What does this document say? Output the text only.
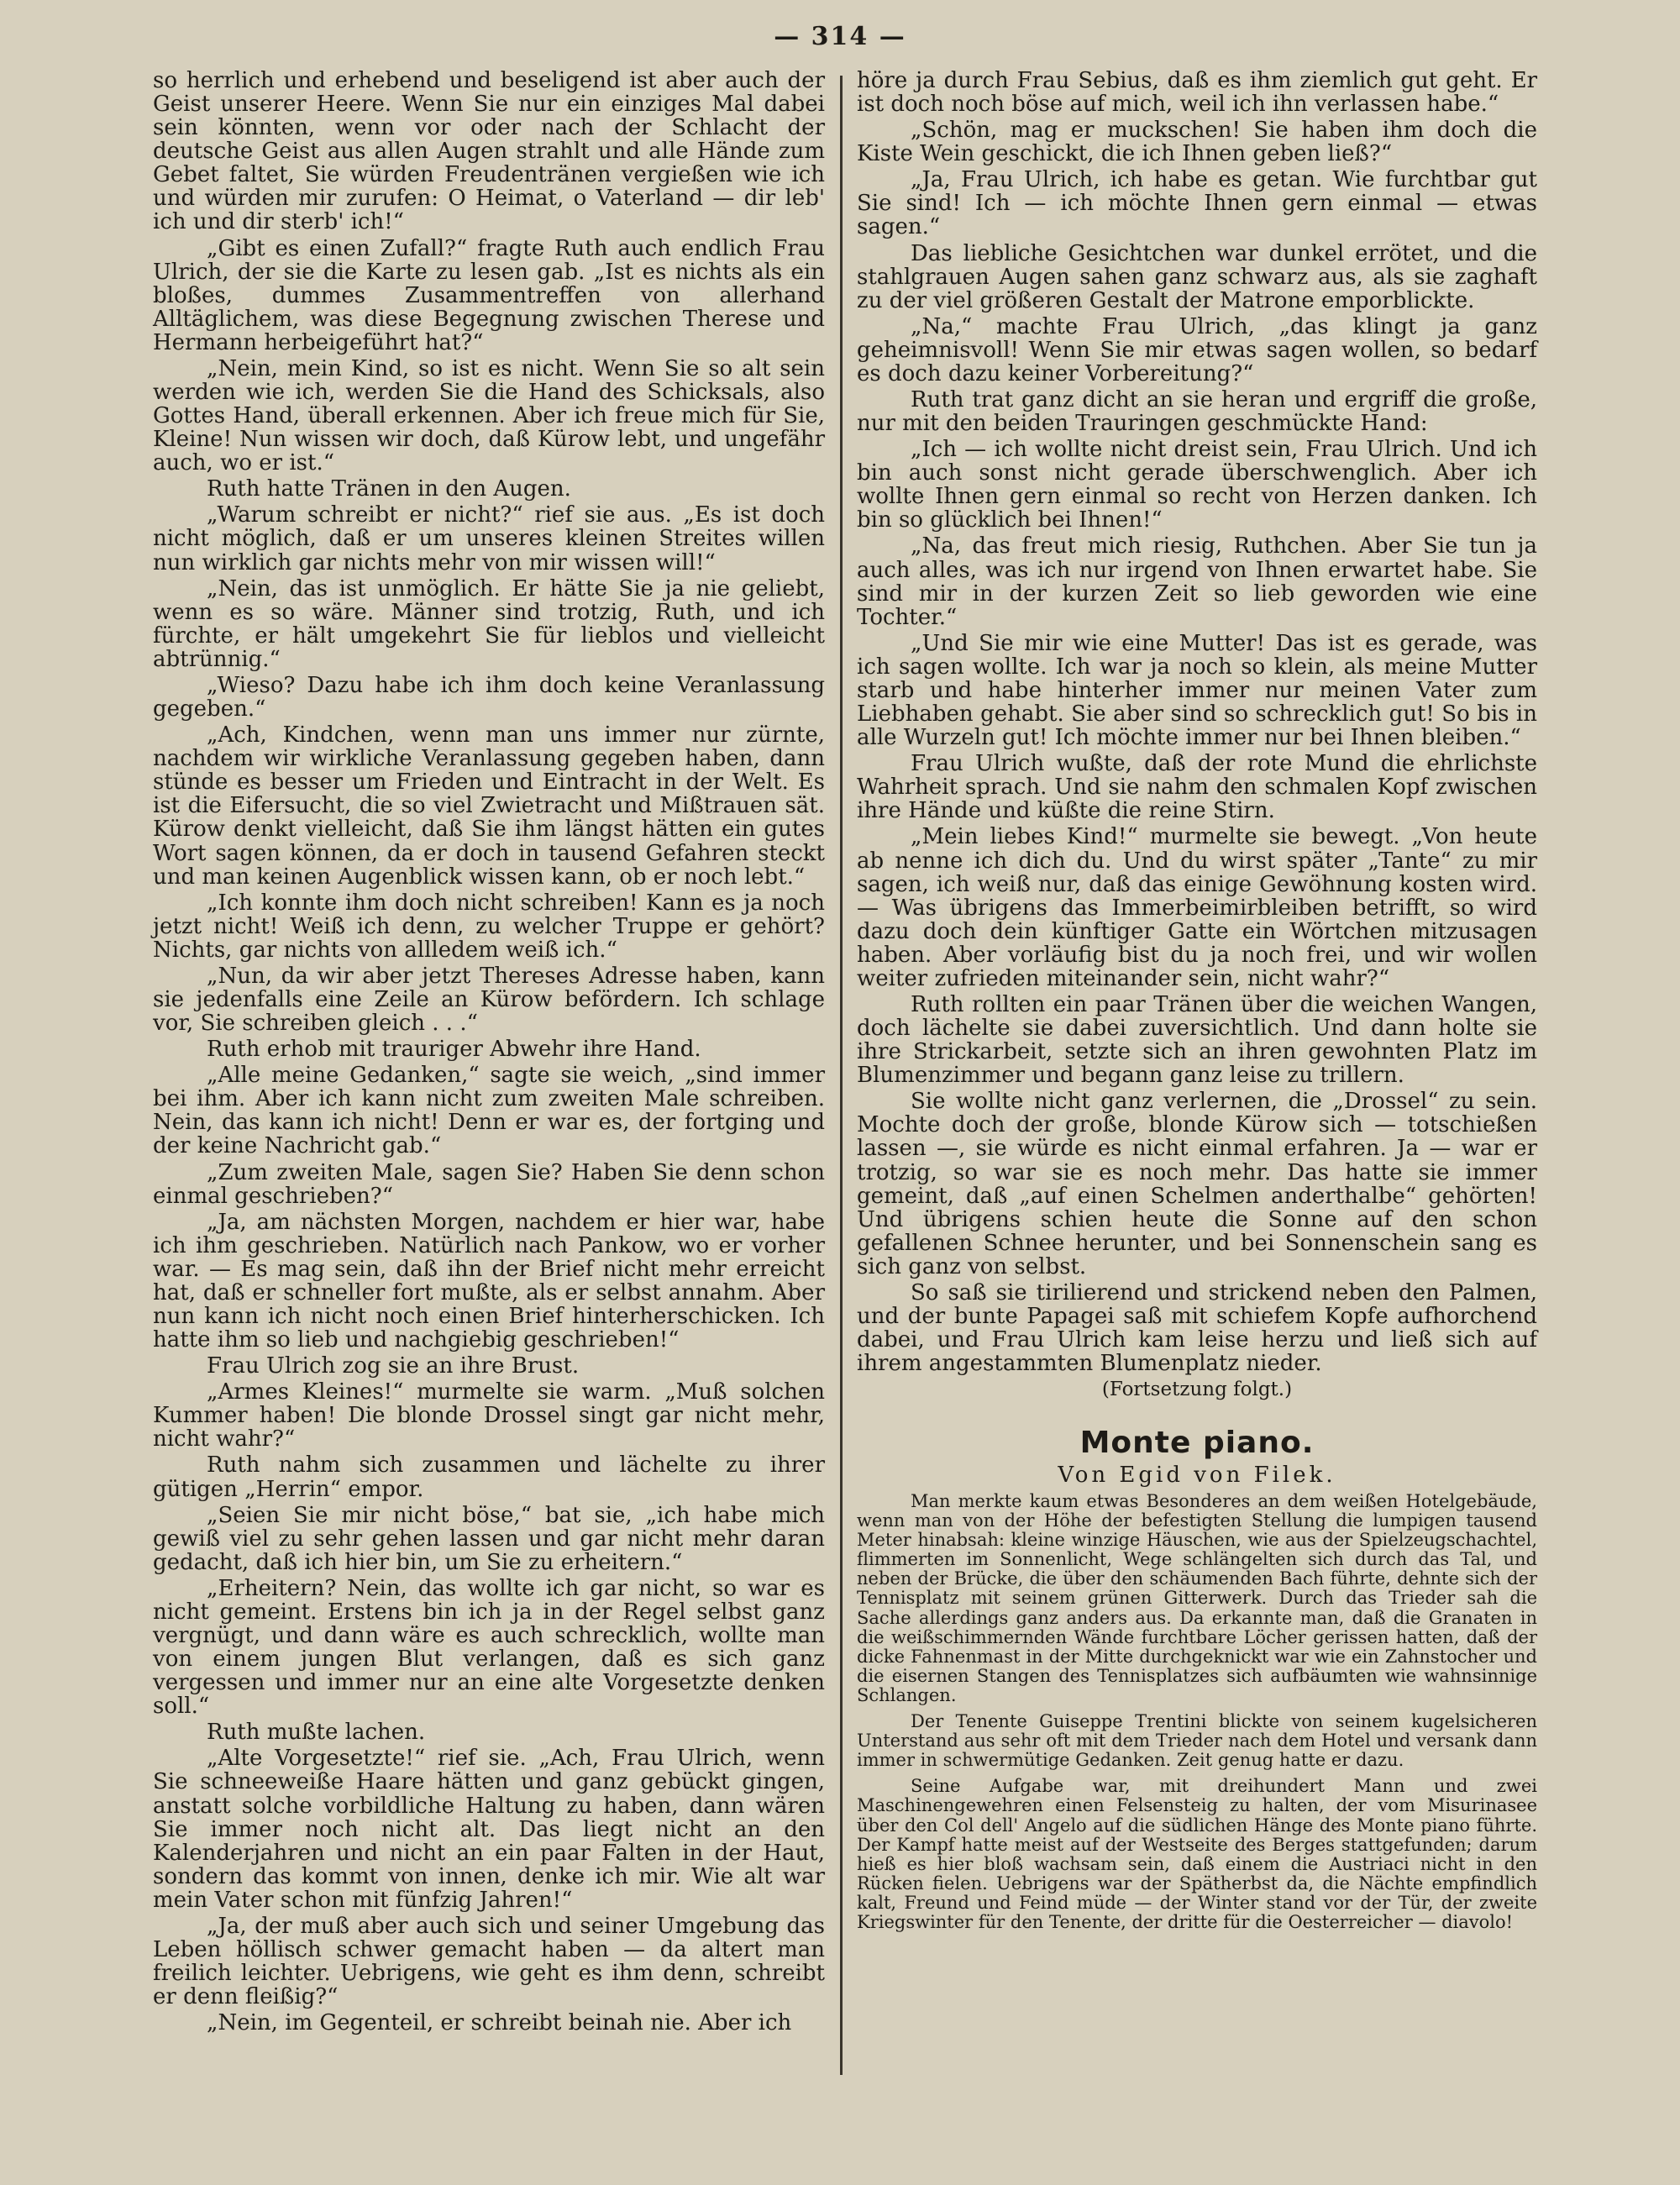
— 314 —

so herrlich und erhebend und beseligend ist aber auch der Geist unserer Heere. Wenn Sie nur ein einziges Mal dabei sein könnten, wenn vor oder nach der Schlacht der deutsche Geist aus allen Augen strahlt und alle Hände zum Gebet faltet, Sie würden Freudentränen vergießen wie ich und würden mir zurufen: O Heimat, o Vaterland — dir leb' ich und dir sterb' ich!“

„Gibt es einen Zufall?“ fragte Ruth auch endlich Frau Ulrich, der sie die Karte zu lesen gab. „Ist es nichts als ein bloßes, dummes Zusammentreffen von allerhand Alltäglichem, was diese Begegnung zwischen Therese und Hermann herbeigeführt hat?“

„Nein, mein Kind, so ist es nicht. Wenn Sie so alt sein werden wie ich, werden Sie die Hand des Schicksals, also Gottes Hand, überall erkennen. Aber ich freue mich für Sie, Kleine! Nun wissen wir doch, daß Kürow lebt, und ungefähr auch, wo er ist.“

Ruth hatte Tränen in den Augen.

„Warum schreibt er nicht?“ rief sie aus. „Es ist doch nicht möglich, daß er um unseres kleinen Streites willen nun wirklich gar nichts mehr von mir wissen will!“

„Nein, das ist unmöglich. Er hätte Sie ja nie geliebt, wenn es so wäre. Männer sind trotzig, Ruth, und ich fürchte, er hält umgekehrt Sie für lieblos und vielleicht abtrünnig.“

„Wieso? Dazu habe ich ihm doch keine Veranlassung gegeben.“

„Ach, Kindchen, wenn man uns immer nur zürnte, nachdem wir wirkliche Veranlassung gegeben haben, dann stünde es besser um Frieden und Eintracht in der Welt. Es ist die Eifersucht, die so viel Zwietracht und Mißtrauen sät. Kürow denkt vielleicht, daß Sie ihm längst hätten ein gutes Wort sagen können, da er doch in tausend Gefahren steckt und man keinen Augenblick wissen kann, ob er noch lebt.“

„Ich konnte ihm doch nicht schreiben! Kann es ja noch jetzt nicht! Weiß ich denn, zu welcher Truppe er gehört? Nichts, gar nichts von allledem weiß ich.“

„Nun, da wir aber jetzt Thereses Adresse haben, kann sie jedenfalls eine Zeile an Kürow befördern. Ich schlage vor, Sie schreiben gleich . . .“

Ruth erhob mit trauriger Abwehr ihre Hand.

„Alle meine Gedanken,“ sagte sie weich, „sind immer bei ihm. Aber ich kann nicht zum zweiten Male schreiben. Nein, das kann ich nicht! Denn er war es, der fortging und der keine Nachricht gab.“

„Zum zweiten Male, sagen Sie? Haben Sie denn schon einmal geschrieben?“

„Ja, am nächsten Morgen, nachdem er hier war, habe ich ihm geschrieben. Natürlich nach Pankow, wo er vorher war. — Es mag sein, daß ihn der Brief nicht mehr erreicht hat, daß er schneller fort mußte, als er selbst annahm. Aber nun kann ich nicht noch einen Brief hinterherschicken. Ich hatte ihm so lieb und nachgiebig geschrieben!“

Frau Ulrich zog sie an ihre Brust.

„Armes Kleines!“ murmelte sie warm. „Muß solchen Kummer haben! Die blonde Drossel singt gar nicht mehr, nicht wahr?“

Ruth nahm sich zusammen und lächelte zu ihrer gütigen „Herrin“ empor.

„Seien Sie mir nicht böse,“ bat sie, „ich habe mich gewiß viel zu sehr gehen lassen und gar nicht mehr daran gedacht, daß ich hier bin, um Sie zu erheitern.“

„Erheitern? Nein, das wollte ich gar nicht, so war es nicht gemeint. Erstens bin ich ja in der Regel selbst ganz vergnügt, und dann wäre es auch schrecklich, wollte man von einem jungen Blut verlangen, daß es sich ganz vergessen und immer nur an eine alte Vorgesetzte denken soll.“

Ruth mußte lachen.

„Alte Vorgesetzte!“ rief sie. „Ach, Frau Ulrich, wenn Sie schneeweiße Haare hätten und ganz gebückt gingen, anstatt solche vorbildliche Haltung zu haben, dann wären Sie immer noch nicht alt. Das liegt nicht an den Kalenderjahren und nicht an ein paar Falten in der Haut, sondern das kommt von innen, denke ich mir. Wie alt war mein Vater schon mit fünfzig Jahren!“

„Ja, der muß aber auch sich und seiner Umgebung das Leben höllisch schwer gemacht haben — da altert man freilich leichter. Uebrigens, wie geht es ihm denn, schreibt er denn fleißig?“

„Nein, im Gegenteil, er schreibt beinah nie. Aber ich

höre ja durch Frau Sebius, daß es ihm ziemlich gut geht. Er ist doch noch böse auf mich, weil ich ihn verlassen habe.“

„Schön, mag er muckschen! Sie haben ihm doch die Kiste Wein geschickt, die ich Ihnen geben ließ?“

„Ja, Frau Ulrich, ich habe es getan. Wie furchtbar gut Sie sind! Ich — ich möchte Ihnen gern einmal — etwas sagen.“

Das liebliche Gesichtchen war dunkel errötet, und die stahlgrauen Augen sahen ganz schwarz aus, als sie zaghaft zu der viel größeren Gestalt der Matrone emporblickte.

„Na,“ machte Frau Ulrich, „das klingt ja ganz geheimnisvoll! Wenn Sie mir etwas sagen wollen, so bedarf es doch dazu keiner Vorbereitung?“

Ruth trat ganz dicht an sie heran und ergriff die große, nur mit den beiden Trauringen geschmückte Hand:

„Ich — ich wollte nicht dreist sein, Frau Ulrich. Und ich bin auch sonst nicht gerade überschwenglich. Aber ich wollte Ihnen gern einmal so recht von Herzen danken. Ich bin so glücklich bei Ihnen!“

„Na, das freut mich riesig, Ruthchen. Aber Sie tun ja auch alles, was ich nur irgend von Ihnen erwartet habe. Sie sind mir in der kurzen Zeit so lieb geworden wie eine Tochter.“

„Und Sie mir wie eine Mutter! Das ist es gerade, was ich sagen wollte. Ich war ja noch so klein, als meine Mutter starb und habe hinterher immer nur meinen Vater zum Liebhaben gehabt. Sie aber sind so schrecklich gut! So bis in alle Wurzeln gut! Ich möchte immer nur bei Ihnen bleiben.“

Frau Ulrich wußte, daß der rote Mund die ehrlichste Wahrheit sprach. Und sie nahm den schmalen Kopf zwischen ihre Hände und küßte die reine Stirn.

„Mein liebes Kind!“ murmelte sie bewegt. „Von heute ab nenne ich dich du. Und du wirst später „Tante“ zu mir sagen, ich weiß nur, daß das einige Gewöhnung kosten wird. — Was übrigens das Immerbeimirbleiben betrifft, so wird dazu doch dein künftiger Gatte ein Wörtchen mitzusagen haben. Aber vorläufig bist du ja noch frei, und wir wollen weiter zufrieden miteinander sein, nicht wahr?“

Ruth rollten ein paar Tränen über die weichen Wangen, doch lächelte sie dabei zuversichtlich. Und dann holte sie ihre Strickarbeit, setzte sich an ihren gewohnten Platz im Blumenzimmer und begann ganz leise zu trillern.

Sie wollte nicht ganz verlernen, die „Drossel“ zu sein. Mochte doch der große, blonde Kürow sich — totschießen lassen —, sie würde es nicht einmal erfahren. Ja — war er trotzig, so war sie es noch mehr. Das hatte sie immer gemeint, daß „auf einen Schelmen anderthalbe“ gehörten! Und übrigens schien heute die Sonne auf den schon gefallenen Schnee herunter, und bei Sonnenschein sang es sich ganz von selbst.

So saß sie tirilierend und strickend neben den Palmen, und der bunte Papagei saß mit schiefem Kopfe aufhorchend dabei, und Frau Ulrich kam leise herzu und ließ sich auf ihrem angestammten Blumenplatz nieder.

(Fortsetzung folgt.)
Monte piano.
Von Egid von Filek.

Man merkte kaum etwas Besonderes an dem weißen Hotelgebäude, wenn man von der Höhe der befestigten Stellung die lumpigen tausend Meter hinabsah: kleine winzige Häuschen, wie aus der Spielzeugschachtel, flimmerten im Sonnenlicht, Wege schlängelten sich durch das Tal, und neben der Brücke, die über den schäumenden Bach führte, dehnte sich der Tennisplatz mit seinem grünen Gitterwerk. Durch das Trieder sah die Sache allerdings ganz anders aus. Da erkannte man, daß die Granaten in die weißschimmernden Wände furchtbare Löcher gerissen hatten, daß der dicke Fahnenmast in der Mitte durchgeknickt war wie ein Zahnstocher und die eisernen Stangen des Tennisplatzes sich aufbäumten wie wahnsinnige Schlangen.

Der Tenente Guiseppe Trentini blickte von seinem kugelsicheren Unterstand aus sehr oft mit dem Trieder nach dem Hotel und versank dann immer in schwermütige Gedanken. Zeit genug hatte er dazu.

Seine Aufgabe war, mit dreihundert Mann und zwei Maschinengewehren einen Felsensteig zu halten, der vom Misurinasee über den Col dell' Angelo auf die südlichen Hänge des Monte piano führte. Der Kampf hatte meist auf der Westseite des Berges stattgefunden; darum hieß es hier bloß wachsam sein, daß einem die Austriaci nicht in den Rücken fielen. Uebrigens war der Spätherbst da, die Nächte empfindlich kalt, Freund und Feind müde — der Winter stand vor der Tür, der zweite Kriegswinter für den Tenente, der dritte für die Oesterreicher — diavolo!
